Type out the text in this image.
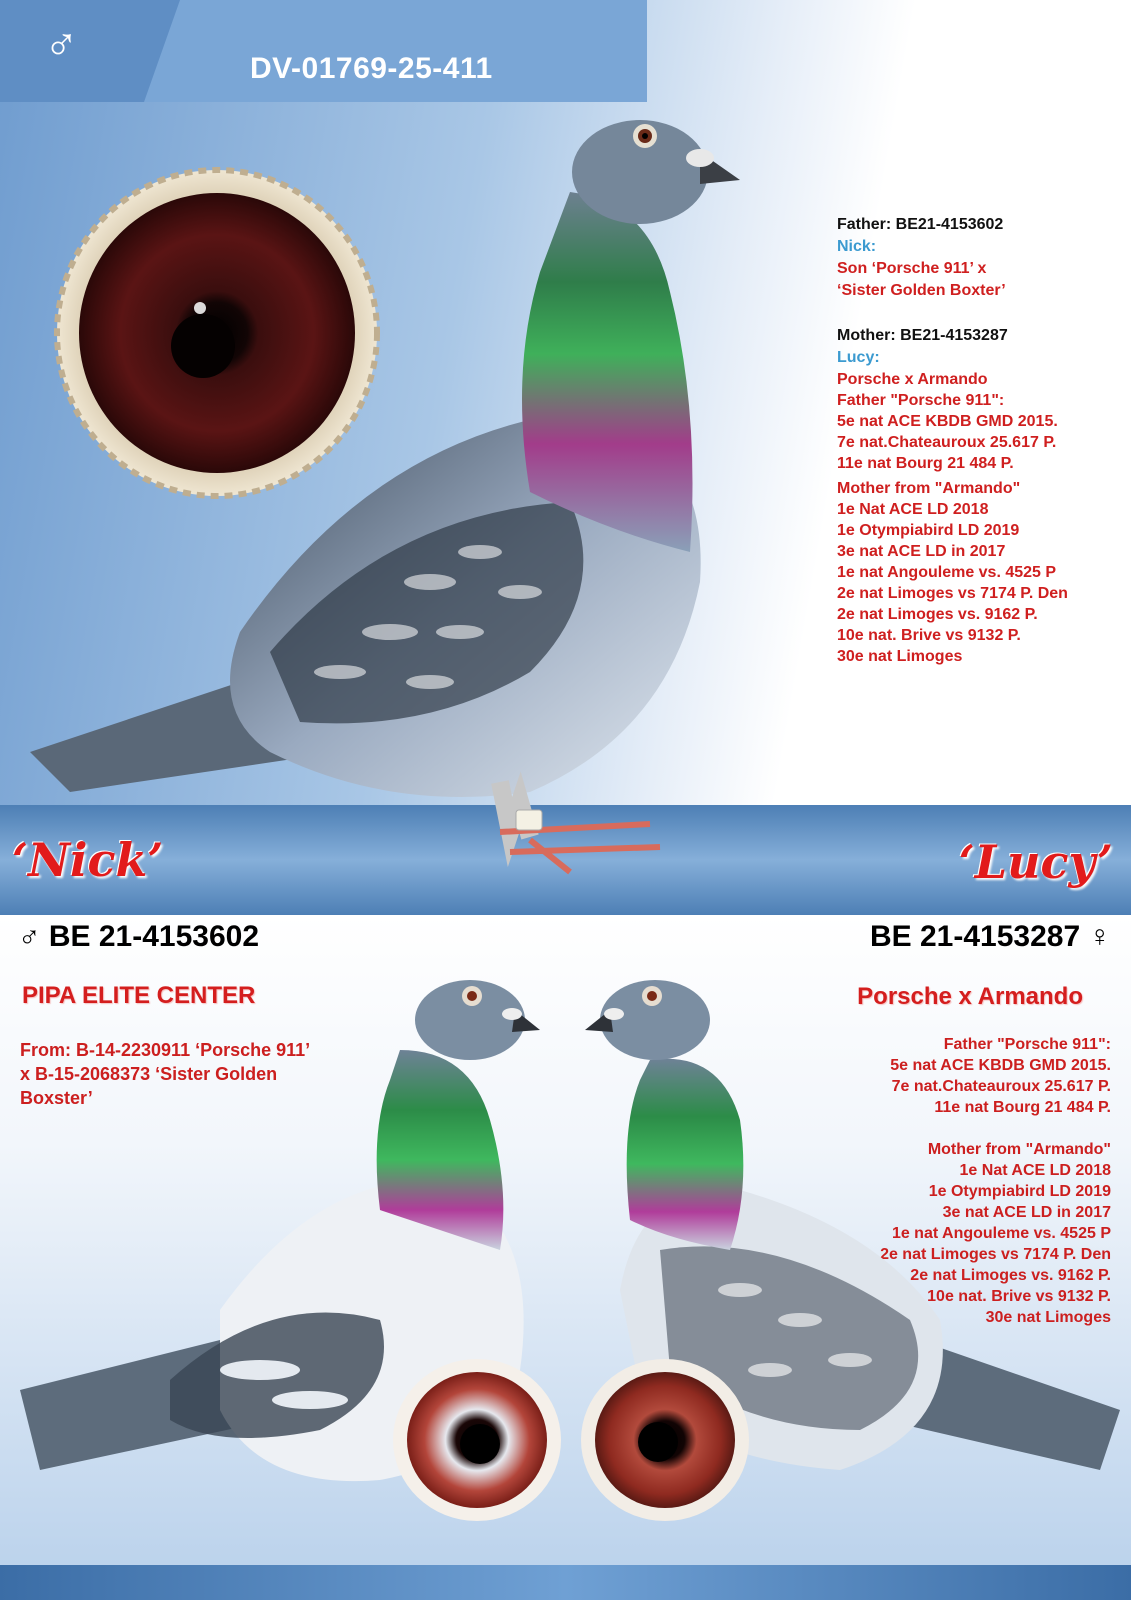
♂	DV-01769-25-411
Father: BE21-4153602
Nick:
Son ‘Porsche 911’ x
‘Sister Golden Boxter’
Mother: BE21-4153287
Lucy:
Porsche x Armando
Father "Porsche 911":
5e nat ACE KBDB GMD 2015.
7e nat.Chateauroux 25.617 P.
11e nat Bourg 21 484 P.
Mother from "Armando"
1e Nat ACE LD 2018
1e Otympiabird LD 2019
3e nat ACE LD in 2017
1e nat Angouleme vs. 4525 P
2e nat Limoges vs 7174 P. Den
2e nat Limoges vs. 9162 P.
10e nat. Brive vs 9132 P.
30e nat Limoges
‘Nick’	‘Lucy’
♂ BE 21-4153602
PIPA ELITE CENTER
From: B-14-2230911 ‘Porsche 911’
x B-15-2068373 ‘Sister Golden
Boxster’
BE 21-4153287 ♀
Porsche x Armando
Father "Porsche 911":
5e nat ACE KBDB GMD 2015.
7e nat.Chateauroux 25.617 P.
11e nat Bourg 21 484 P.
Mother from "Armando"
1e Nat ACE LD 2018
1e Otympiabird LD 2019
3e nat ACE LD in 2017
1e nat Angouleme vs. 4525 P
2e nat Limoges vs 7174 P. Den
2e nat Limoges vs. 9162 P.
10e nat. Brive vs 9132 P.
30e nat Limoges
